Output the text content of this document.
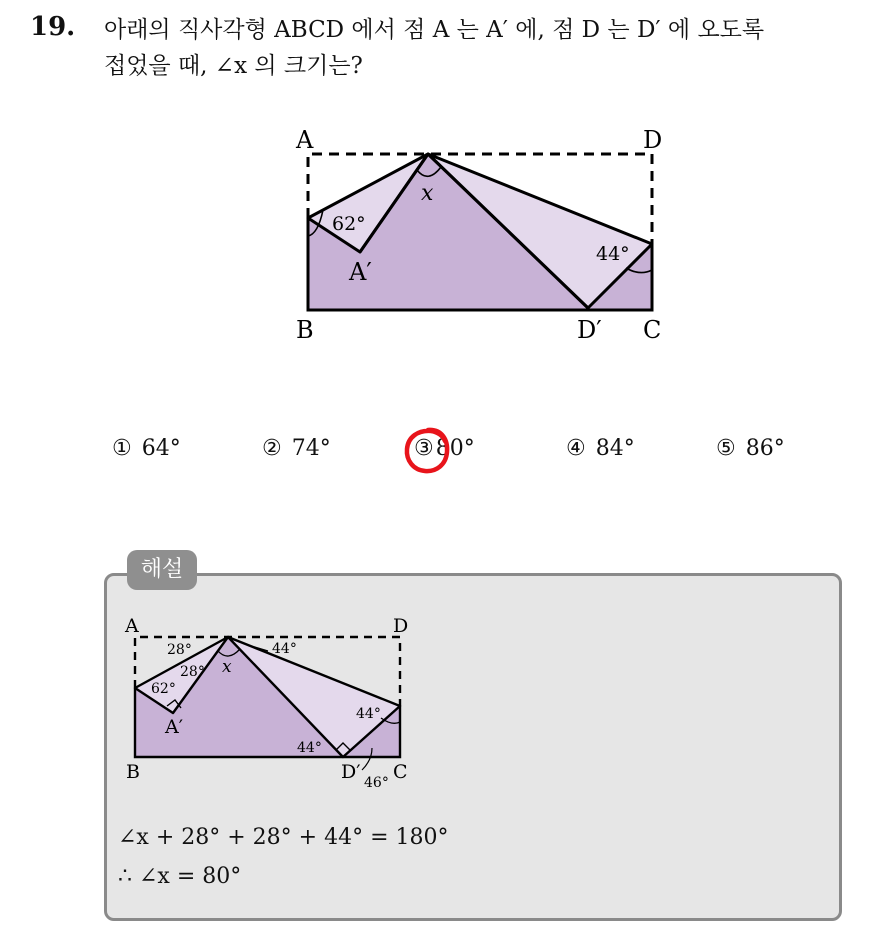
19. 아래의 직사각형 ABCD 에서 점 A 는 A′ 에, 점 D 는 D′ 에 오도록
접었을 때, ∠x 의 크기는?
A	D
B	C
A′
D′
x
62°
44°
① 64°	② 74°	③80°	④ 84°	⑤ 86°
해설
A	D
B	C
A′
D′
x
28°
28°
44°
62°
44°
44°
46°
∠x + 28° + 28° + 44° = 180°
∴ ∠x = 80°
